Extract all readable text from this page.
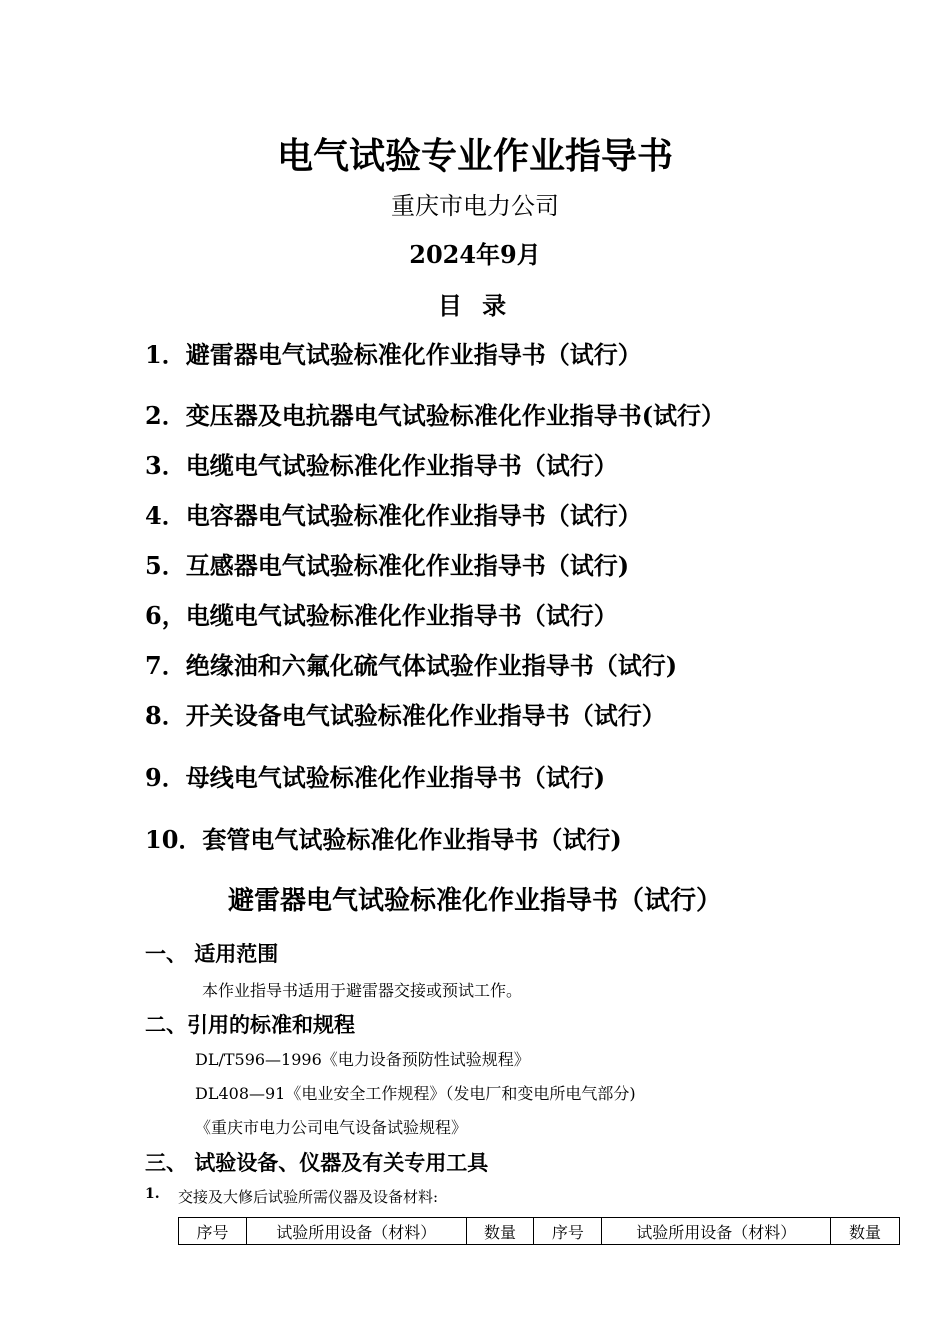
电气试验专业作业指导书
重庆市电力公司
2024年9月
目 录
1．避雷器电气试验标准化作业指导书（试行）
2．变压器及电抗器电气试验标准化作业指导书(试行）
3．电缆电气试验标准化作业指导书（试行）
4．电容器电气试验标准化作业指导书（试行）
5．互感器电气试验标准化作业指导书（试行)
6，电缆电气试验标准化作业指导书（试行）
7．绝缘油和六氟化硫气体试验作业指导书（试行)
8．开关设备电气试验标准化作业指导书（试行）
9．母线电气试验标准化作业指导书（试行)
10．套管电气试验标准化作业指导书（试行)
避雷器电气试验标准化作业指导书（试行）
一、 适用范围
本作业指导书适用于避雷器交接或预试工作。
二、引用的标准和规程
DL/T596—1996《电力设备预防性试验规程》
DL408—91《电业安全工作规程》（发电厂和变电所电气部分)
《重庆市电力公司电气设备试验规程》
三、 试验设备、仪器及有关专用工具
1. 交接及大修后试验所需仪器及设备材料:
序号	试验所用设备（材料）	数量	序号	试验所用设备（材料）	数量
